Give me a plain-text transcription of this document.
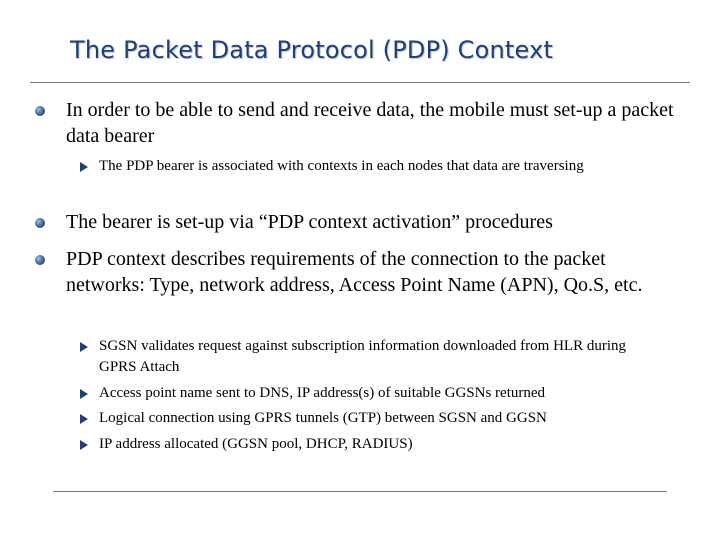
The Packet Data Protocol (PDP) Context
In order to be able to send and receive data, the mobile must set-up a packet data bearer
The PDP bearer is associated with contexts in each nodes that data are traversing
The bearer is set-up via “PDP context activation” procedures
PDP context describes requirements of the connection to the packet networks: Type, network address, Access Point Name (APN), Qo.S, etc.
SGSN validates request against subscription information downloaded from HLR during GPRS Attach
Access point name sent to DNS, IP address(s) of suitable GGSNs returned
Logical connection using GPRS tunnels (GTP) between SGSN and GGSN
IP address allocated (GGSN pool, DHCP, RADIUS)
